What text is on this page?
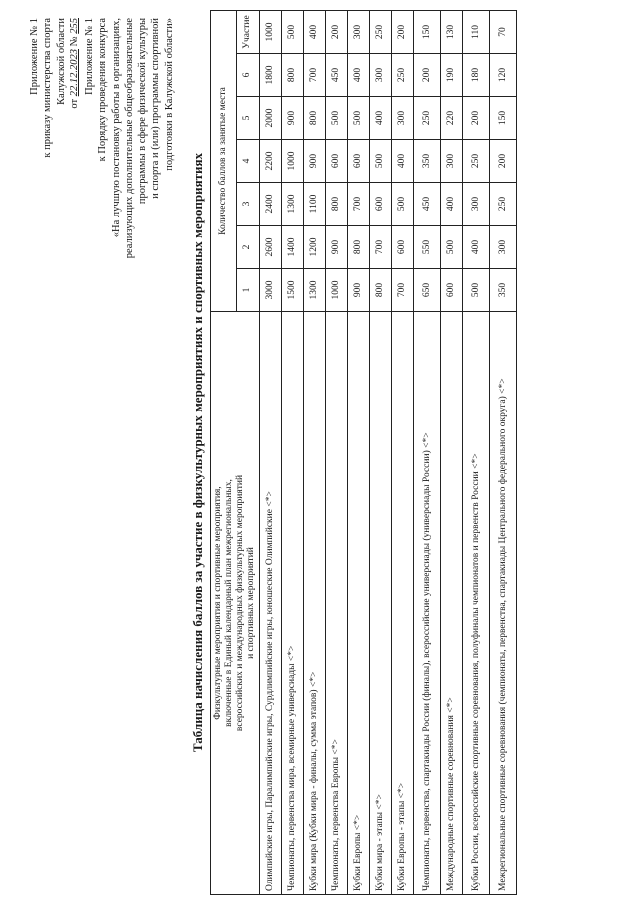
Приложение № 1 к приказу министерства спорта Калужской области от 22.12.2023 № 255 Приложение № 1 к Порядку проведения конкурса «На лучшую постановку работы в организациях, реализующих дополнительные общеобразовательные программы в сфере физической культуры и спорта и (или) программы спортивной подготовки в Калужской области»
Таблица начисления баллов за участие в физкультурных мероприятиях и спортивных мероприятиях Физкультурные мероприятия и спортивные мероприятия, включенные в Единый календарный план межрегиональных, всероссийских и международных физкультурных мероприятий и спортивных мероприятий	Количество баллов за занятые места						
	1	2	3	4	5	6	Участие
Олимпийские игры, Паралимпийские игры, Сурдлимпийские игры, юношеские Олимпийские <*>	3000	2600	2400	2200	2000	1800	1000
Чемпионаты, первенства мира, всемирные универсиады <*>	1500	1400	1300	1000	900	800	500
Кубки мира (Кубки мира - финалы, сумма этапов) <*>	1300	1200	1100	900	800	700	400
Чемпионаты, первенства Европы <*>	1000	900	800	600	500	450	200
Кубки Европы <*>	900	800	700	600	500	400	300
Кубки мира - этапы <*>	800	700	600	500	400	300	250
Кубки Европы - этапы <*>	700	600	500	400	300	250	200
Чемпионаты, первенства, спартакиады России (финалы), всероссийские универсиады (универсиады России) <*>	650	550	450	350	250	200	150
Международные спортивные соревнования <*>	600	500	400	300	220	190	130
Кубки России, всероссийские спортивные соревнования, полуфиналы чемпионатов и первенств России <*>	500	400	300	250	200	180	110
Межрегиональные спортивные соревнования (чемпионаты, первенства, спартакиады Центрального федерального округа) <*>	350	300	250	200	150	120	70
